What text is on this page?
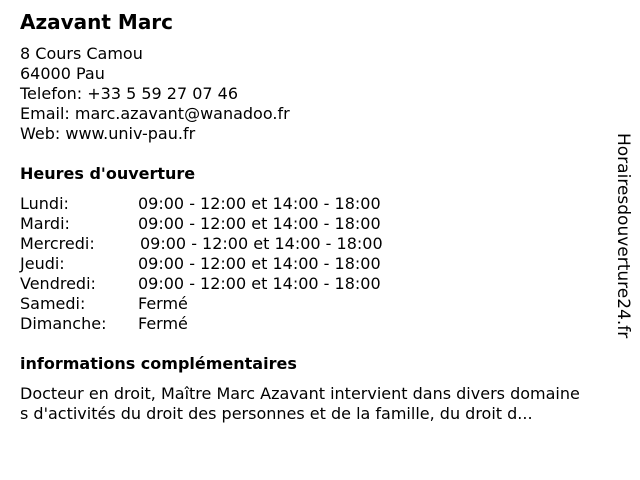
Azavant Marc
8 Cours Camou
64000 Pau
Telefon: +33 5 59 27 07 46
Email: marc.azavant@wanadoo.fr
Web: www.univ-pau.fr
Heures d'ouverture
Lundi:	09:00 - 12:00 et 14:00 - 18:00
Mardi:	09:00 - 12:00 et 14:00 - 18:00
Mercredi:	09:00 - 12:00 et 14:00 - 18:00
Jeudi:	09:00 - 12:00 et 14:00 - 18:00
Vendredi:	09:00 - 12:00 et 14:00 - 18:00
Samedi:	Fermé
Dimanche: Fermé
informations complémentaires
Docteur en droit, Maître Marc Azavant intervient dans divers domaine
s d'activités du droit des personnes et de la famille, du droit d...
Horairesdouverture24.fr
